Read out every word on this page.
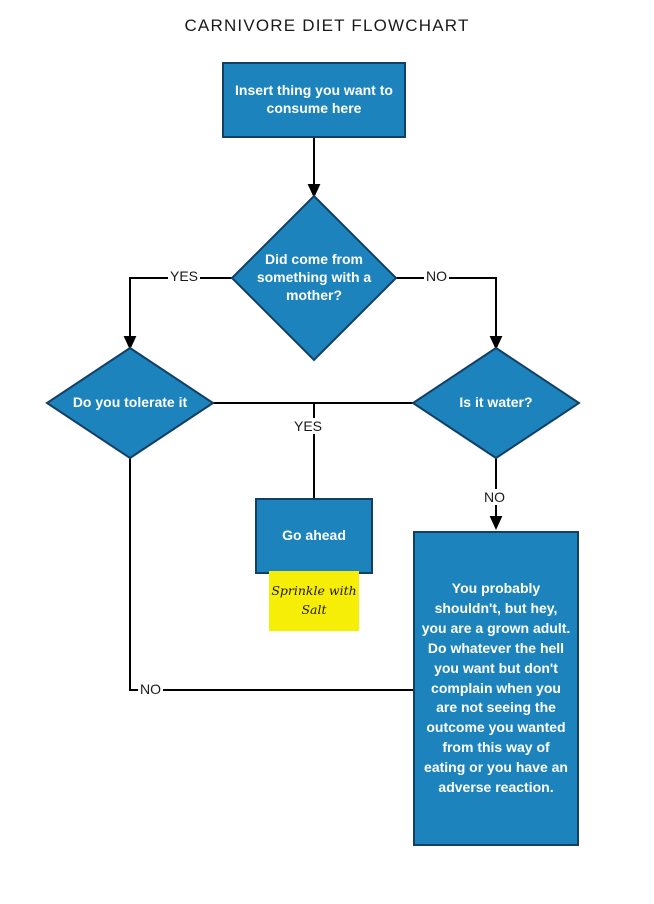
CARNIVORE DIET FLOWCHART
Insert thing you want to consume here
Did come from something with a mother?
Do you tolerate it	Is it water?
Go ahead
Sprinkle with Salt
You probably shouldn't, but hey, you are a grown adult. Do whatever the hell you want but don't complain when you are not seeing the outcome you wanted from this way of eating or you have an adverse reaction.
YES	NO
YES
NO
NO
